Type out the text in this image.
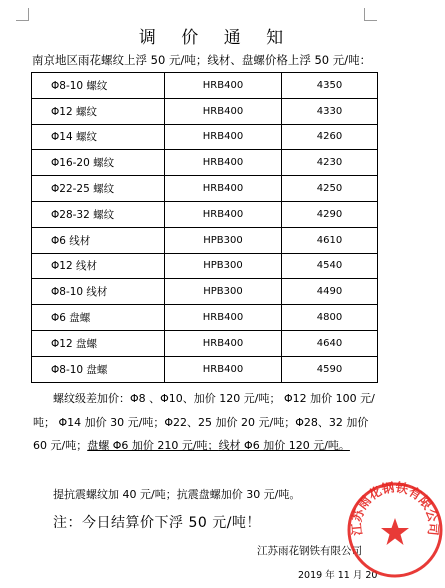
调 价 通 知
南京地区雨花螺纹上浮 50 元/吨；线材、盘螺价格上浮 50 元/吨：
Φ8-10 螺纹	HRB400	4350
Φ12 螺纹	HRB400	4330
Φ14 螺纹	HRB400	4260
Φ16-20 螺纹	HRB400	4230
Φ22-25 螺纹	HRB400	4250
Φ28-32 螺纹	HRB400	4290
Φ6 线材	HPB300	4610
Φ12 线材	HPB300	4540
Φ8-10 线材	HPB300	4490
Φ6 盘螺	HRB400	4800
Φ12 盘螺	HRB400	4640
Φ8-10 盘螺	HRB400	4590
螺纹级差加价：Φ8 、Φ10、加价 120 元/吨； Φ12 加价 100 元/吨； Φ14 加价 30 元/吨；Φ22、25 加价 20 元/吨；Φ28、32 加价 60 元/吨；盘螺 Φ6 加价 210 元/吨；线材 Φ6 加价 120 元/吨。
提抗震螺纹加 40 元/吨；抗震盘螺加价 30 元/吨。
注：今日结算价下浮 50 元/吨！
江苏雨花钢铁有限公司
2019 年 11 月 20
江苏雨花钢铁有限公司
